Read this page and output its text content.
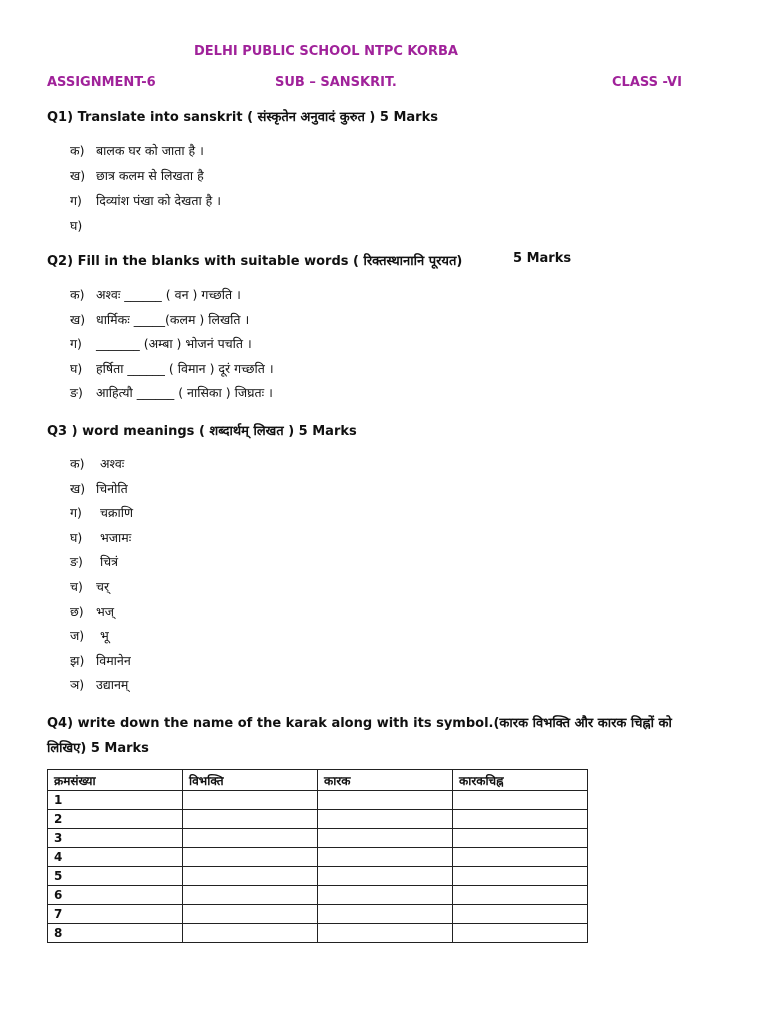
DELHI PUBLIC SCHOOL NTPC KORBA
ASSIGNMENT-6	SUB – SANSKRIT.	CLASS -VI
Q1) Translate into sanskrit ( संस्कृतेन अनुवादं कुरुत ) 5 Marks
क) बालक घर को जाता है ।
ख) छात्र कलम से लिखता है
ग) दिव्यांश पंखा को देखता है ।
घ)
Q2) Fill in the blanks with suitable words ( रिक्तस्थानानि पूरयत)	5 Marks
क) अश्वः ______ ( वन ) गच्छति ।
ख) धार्मिकः _____(कलम ) लिखति ।
ग) _______ (अम्बा ) भोजनं पचति ।
घ) हर्षिता ______ ( विमान ) दूरं गच्छति ।
ङ) आहित्यौ ______ ( नासिका ) जिघ्रतः ।
Q3 ) word meanings ( शब्दार्थम् लिखत ) 5 Marks
क) अश्वः
ख) चिनोति
ग) चक्राणि
घ) भजामः
ङ) चित्रं
च) चर्
छ) भज्
ज) भू
झ) विमानेन
ञ) उद्यानम्
Q4) write down the name of the karak along with its symbol.(कारक विभक्ति और कारक चिह्नों को
लिखिए) 5 Marks
क्रमसंख्या	विभक्ति	कारक	कारकचिह्न
1			
2			
3			
4			
5			
6			
7			
8			
